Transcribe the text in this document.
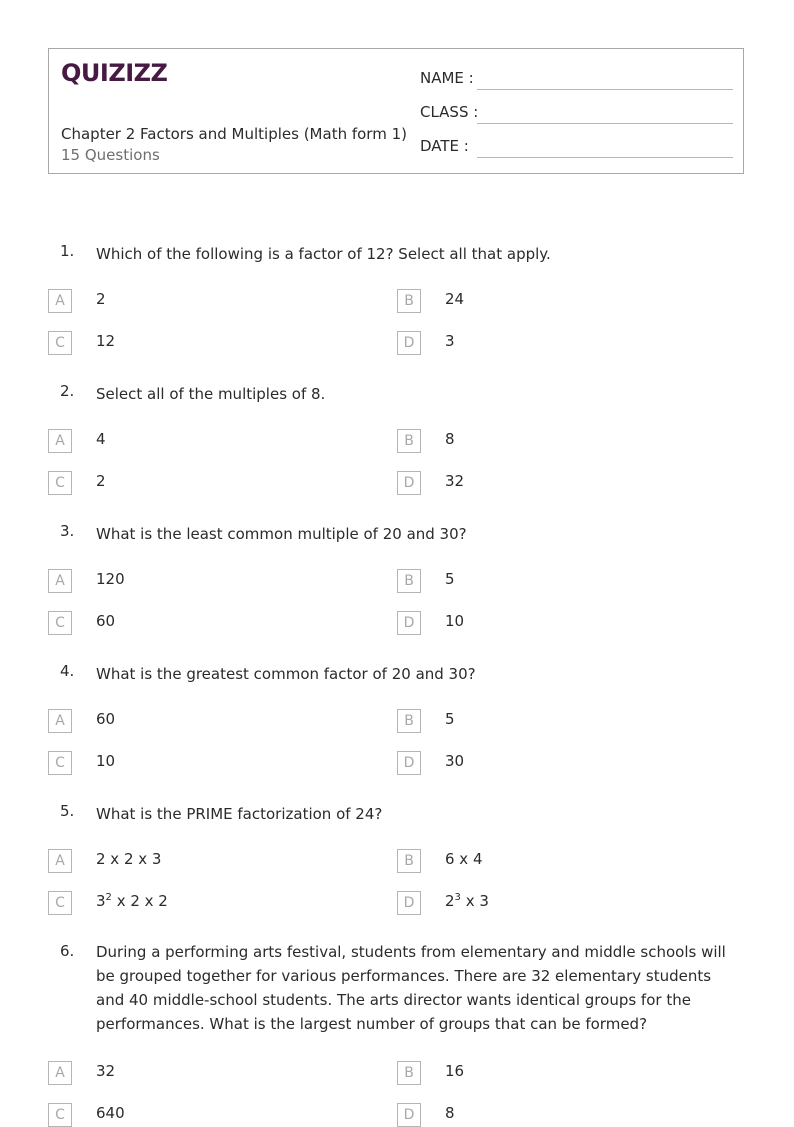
QUIZIZZ
Chapter 2 Factors and Multiples (Math form 1)
15 Questions
NAME :
CLASS :
DATE :
1. Which of the following is a factor of 12? Select all that apply.
A	2	B	24
C	12	D	3
2. Select all of the multiples of 8.
A	4	B	8
C	2	D	32
3. What is the least common multiple of 20 and 30?
A	120	B	5
C	60	D	10
4. What is the greatest common factor of 20 and 30?
A	60	B	5
C	10	D	30
5. What is the PRIME factorization of 24?
A	2 x 2 x 3	B	6 x 4
C	$3^2$ x 2 x 2	D	$2^3$ x 3
6. During a performing arts festival, students from elementary and middle schools will be grouped together for various performances. There are 32 elementary students and 40 middle-school students. The arts director wants identical groups for the performances. What is the largest number of groups that can be formed?
A	32	B	16
C	640	D	8
